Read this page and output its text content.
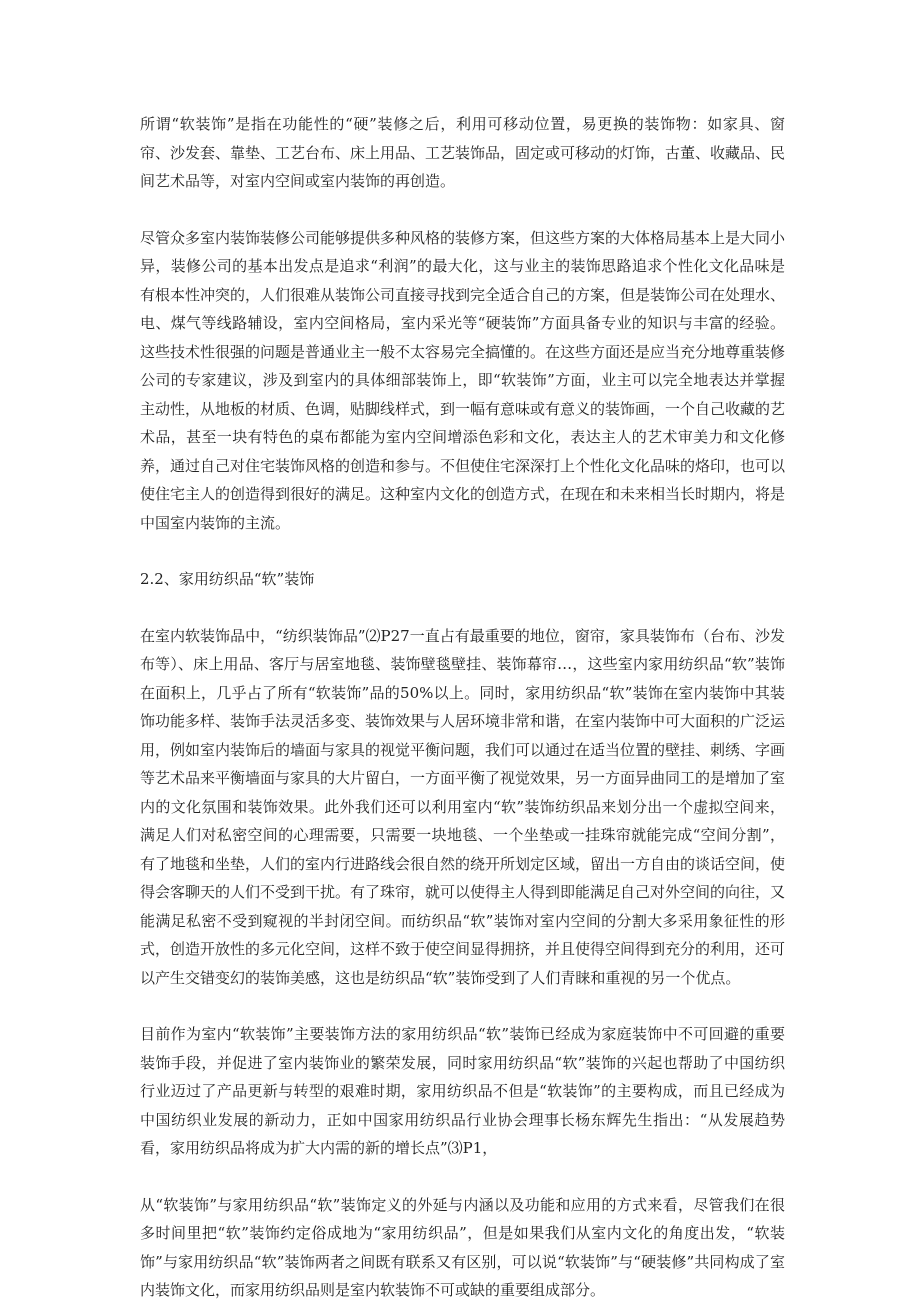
所谓“软装饰”是指在功能性的“硬”装修之后，利用可移动位置，易更换的装饰物：如家具、窗帘、沙发套、靠垫、工艺台布、床上用品、工艺装饰品，固定或可移动的灯饰，古董、收藏品、民间艺术品等，对室内空间或室内装饰的再创造。

尽管众多室内装饰装修公司能够提供多种风格的装修方案，但这些方案的大体格局基本上是大同小异，装修公司的基本出发点是追求“利润”的最大化，这与业主的装饰思路追求个性化文化品味是有根本性冲突的，人们很难从装饰公司直接寻找到完全适合自己的方案，但是装饰公司在处理水、电、煤气等线路辅设，室内空间格局，室内采光等“硬装饰”方面具备专业的知识与丰富的经验。这些技术性很强的问题是普通业主一般不太容易完全搞懂的。在这些方面还是应当充分地尊重装修公司的专家建议，涉及到室内的具体细部装饰上，即“软装饰”方面，业主可以完全地表达并掌握主动性，从地板的材质、色调，贴脚线样式，到一幅有意味或有意义的装饰画，一个自己收藏的艺术品，甚至一块有特色的桌布都能为室内空间增添色彩和文化，表达主人的艺术审美力和文化修养，通过自己对住宅装饰风格的创造和参与。不但使住宅深深打上个性化文化品味的烙印，也可以使住宅主人的创造得到很好的满足。这种室内文化的创造方式，在现在和未来相当长时期内，将是中国室内装饰的主流。

2.2、家用纺织品“软”装饰

在室内软装饰品中，“纺织装饰品”⑵P27一直占有最重要的地位，窗帘，家具装饰布（台布、沙发布等）、床上用品、客厅与居室地毯、装饰壁毯壁挂、装饰幕帘…，这些室内家用纺织品“软”装饰在面积上，几乎占了所有“软装饰”品的50%以上。同时，家用纺织品“软”装饰在室内装饰中其装饰功能多样、装饰手法灵活多变、装饰效果与人居环境非常和谐，在室内装饰中可大面积的广泛运用，例如室内装饰后的墙面与家具的视觉平衡问题，我们可以通过在适当位置的壁挂、刺绣、字画等艺术品来平衡墙面与家具的大片留白，一方面平衡了视觉效果，另一方面异曲同工的是增加了室内的文化氛围和装饰效果。此外我们还可以利用室内“软”装饰纺织品来划分出一个虚拟空间来，满足人们对私密空间的心理需要，只需要一块地毯、一个坐垫或一挂珠帘就能完成“空间分割”，有了地毯和坐垫，人们的室内行进路线会很自然的绕开所划定区域，留出一方自由的谈话空间，使得会客聊天的人们不受到干扰。有了珠帘，就可以使得主人得到即能满足自己对外空间的向往，又能满足私密不受到窥视的半封闭空间。而纺织品“软”装饰对室内空间的分割大多采用象征性的形式，创造开放性的多元化空间，这样不致于使空间显得拥挤，并且使得空间得到充分的利用，还可以产生交错变幻的装饰美感，这也是纺织品“软”装饰受到了人们青睐和重视的另一个优点。

目前作为室内“软装饰”主要装饰方法的家用纺织品“软”装饰已经成为家庭装饰中不可回避的重要装饰手段，并促进了室内装饰业的繁荣发展，同时家用纺织品“软”装饰的兴起也帮助了中国纺织行业迈过了产品更新与转型的艰难时期，家用纺织品不但是“软装饰”的主要构成，而且已经成为中国纺织业发展的新动力，正如中国家用纺织品行业协会理事长杨东辉先生指出：“从发展趋势看，家用纺织品将成为扩大内需的新的增长点”⑶P1，

从“软装饰”与家用纺织品“软”装饰定义的外延与内涵以及功能和应用的方式来看，尽管我们在很多时间里把“软”装饰约定俗成地为“家用纺织品”，但是如果我们从室内文化的角度出发，“软装饰”与家用纺织品“软”装饰两者之间既有联系又有区别，可以说“软装饰”与“硬装修”共同构成了室内装饰文化，而家用纺织品则是室内软装饰不可或缺的重要组成部分。
